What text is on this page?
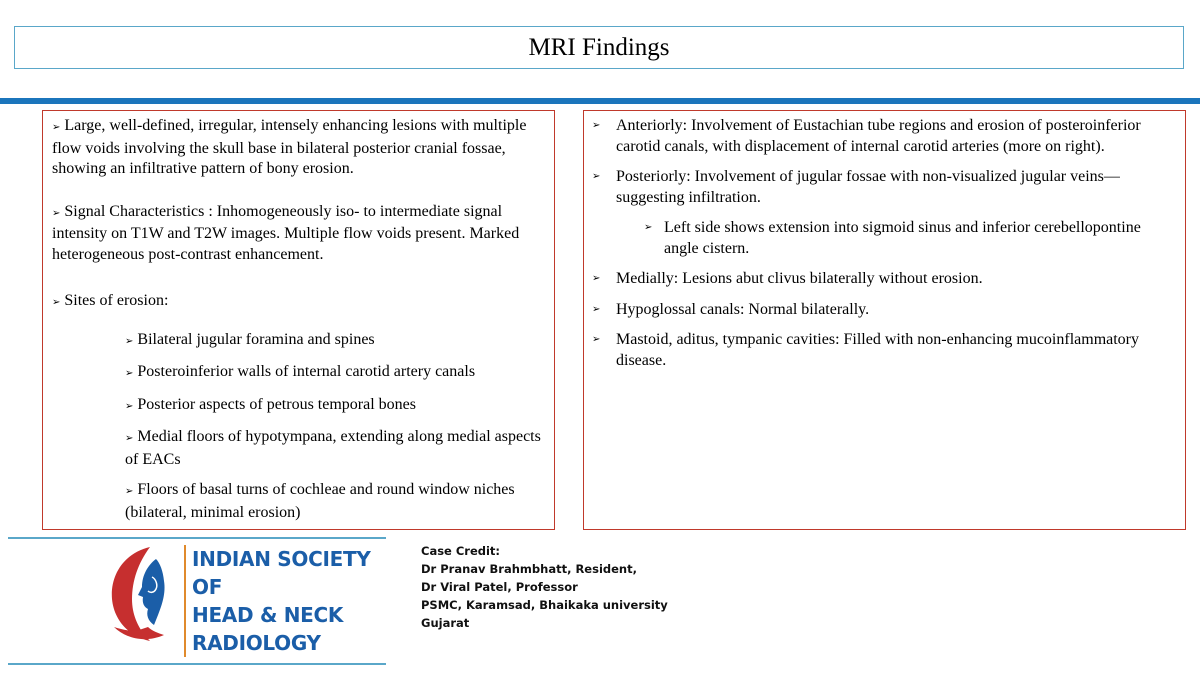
MRI Findings

➢ Large, well-defined, irregular, intensely enhancing lesions with multiple flow voids involving the skull base in bilateral posterior cranial fossae, showing an infiltrative pattern of bony erosion.

➢ Signal Characteristics : Inhomogeneously iso- to intermediate signal intensity on T1W and T2W images. Multiple flow voids present. Marked heterogeneous post-contrast enhancement.

➢ Sites of erosion:

➢ Bilateral jugular foramina and spines
➢ Posteroinferior walls of internal carotid artery canals
➢ Posterior aspects of petrous temporal bones
➢ Medial floors of hypotympana, extending along medial aspects of EACs
➢ Floors of basal turns of cochleae and round window niches (bilateral, minimal erosion)
➢ Anteriorly: Involvement of Eustachian tube regions and erosion of posteroinferior carotid canals, with displacement of internal carotid arteries (more on right).
➢ Posteriorly: Involvement of jugular fossae with non-visualized jugular veins—suggesting infiltration.
➢ Left side shows extension into sigmoid sinus and inferior cerebellopontine angle cistern.
➢ Medially: Lesions abut clivus bilaterally without erosion.
➢ Hypoglossal canals: Normal bilaterally.
➢ Mastoid, aditus, tympanic cavities: Filled with non-enhancing mucoinflammatory disease.
INDIAN SOCIETY OF
HEAD & NECK
RADIOLOGY
Case Credit:
Dr Pranav Brahmbhatt, Resident,
Dr Viral Patel, Professor
PSMC, Karamsad, Bhaikaka university
Gujarat
